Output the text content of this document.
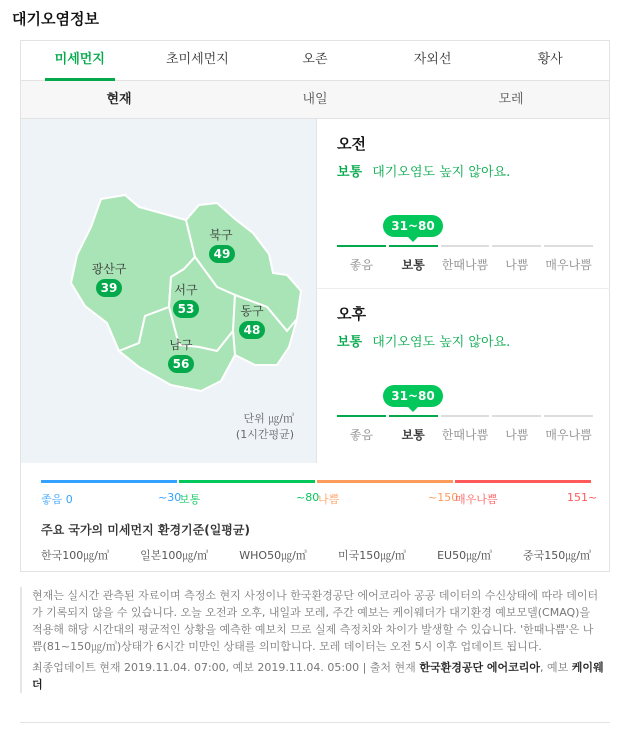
대기오염정보
미세먼지	초미세먼지	오존	자외선	황사
현재	내일	모레
북구
49
광산구
39	서구
53	동구
48
남구
56
단위 ㎍/㎥
(1시간평균)
오전
보통 대기오염도 높지 않아요.
31~80
좋음	보통	한때나쁨	나쁨	매우나쁨
오후
보통 대기오염도 높지 않아요.
31~80
좋음	보통	한때나쁨	나쁨	매우나쁨
좋음 0	~30
보통	~80
나쁨	~150
매우나쁨	151~
주요 국가의 미세먼지 환경기준(일평균)
한국100㎍/㎥	일본100㎍/㎥	WHO50㎍/㎥	미국150㎍/㎥	EU50㎍/㎥	중국150㎍/㎥
현재는 실시간 관측된 자료이며 측정소 현지 사정이나 한국환경공단 에어코리아 공공 데이터의 수신상태에 따라 데이터가 기록되지 않을 수 있습니다. 오늘 오전과 오후, 내일과 모레, 주간 예보는 케이웨더가 대기환경 예보모델(CMAQ)을 적용해 해당 시간대의 평균적인 상황을 예측한 예보치 므로 실제 측정치와 차이가 발생할 수 있습니다. '한때나쁨'은 나쁨(81~150㎍/㎥)상태가 6시간 미만인 상태를 의미합니다. 모레 데이터는 오전 5시 이후 업데이트 됩니다.
최종업데이트 현재 2019.11.04. 07:00, 예보 2019.11.04. 05:00 | 출처 현재 한국환경공단 에어코리아, 예보 케이웨더
